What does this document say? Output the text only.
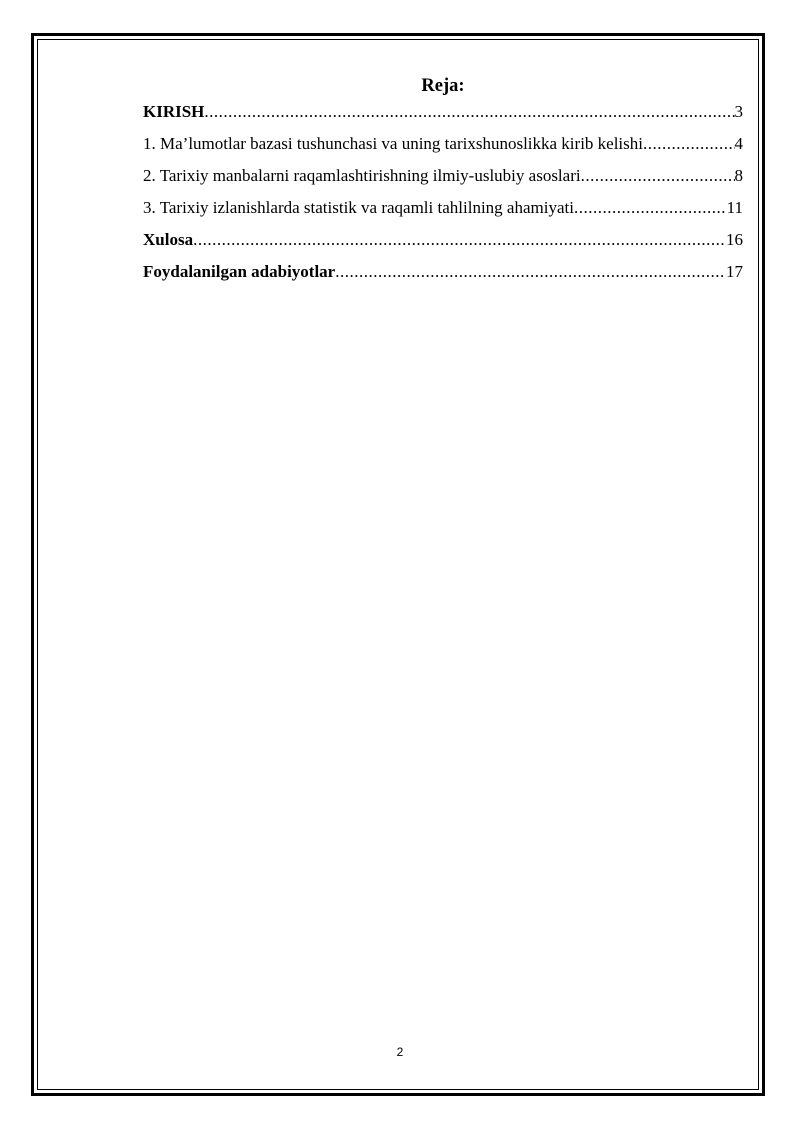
Reja:
KIRISH .....	3
1. Ma’lumotlar bazasi tushunchasi va uning tarixshunoslikka kirib kelishi .....	4
2. Tarixiy manbalarni raqamlashtirishning ilmiy-uslubiy asoslari .....	8
3. Tarixiy izlanishlarda statistik va raqamli tahlilning ahamiyati .....	11
Xulosa .....	16
Foydalanilgan adabiyotlar .....	17
2
